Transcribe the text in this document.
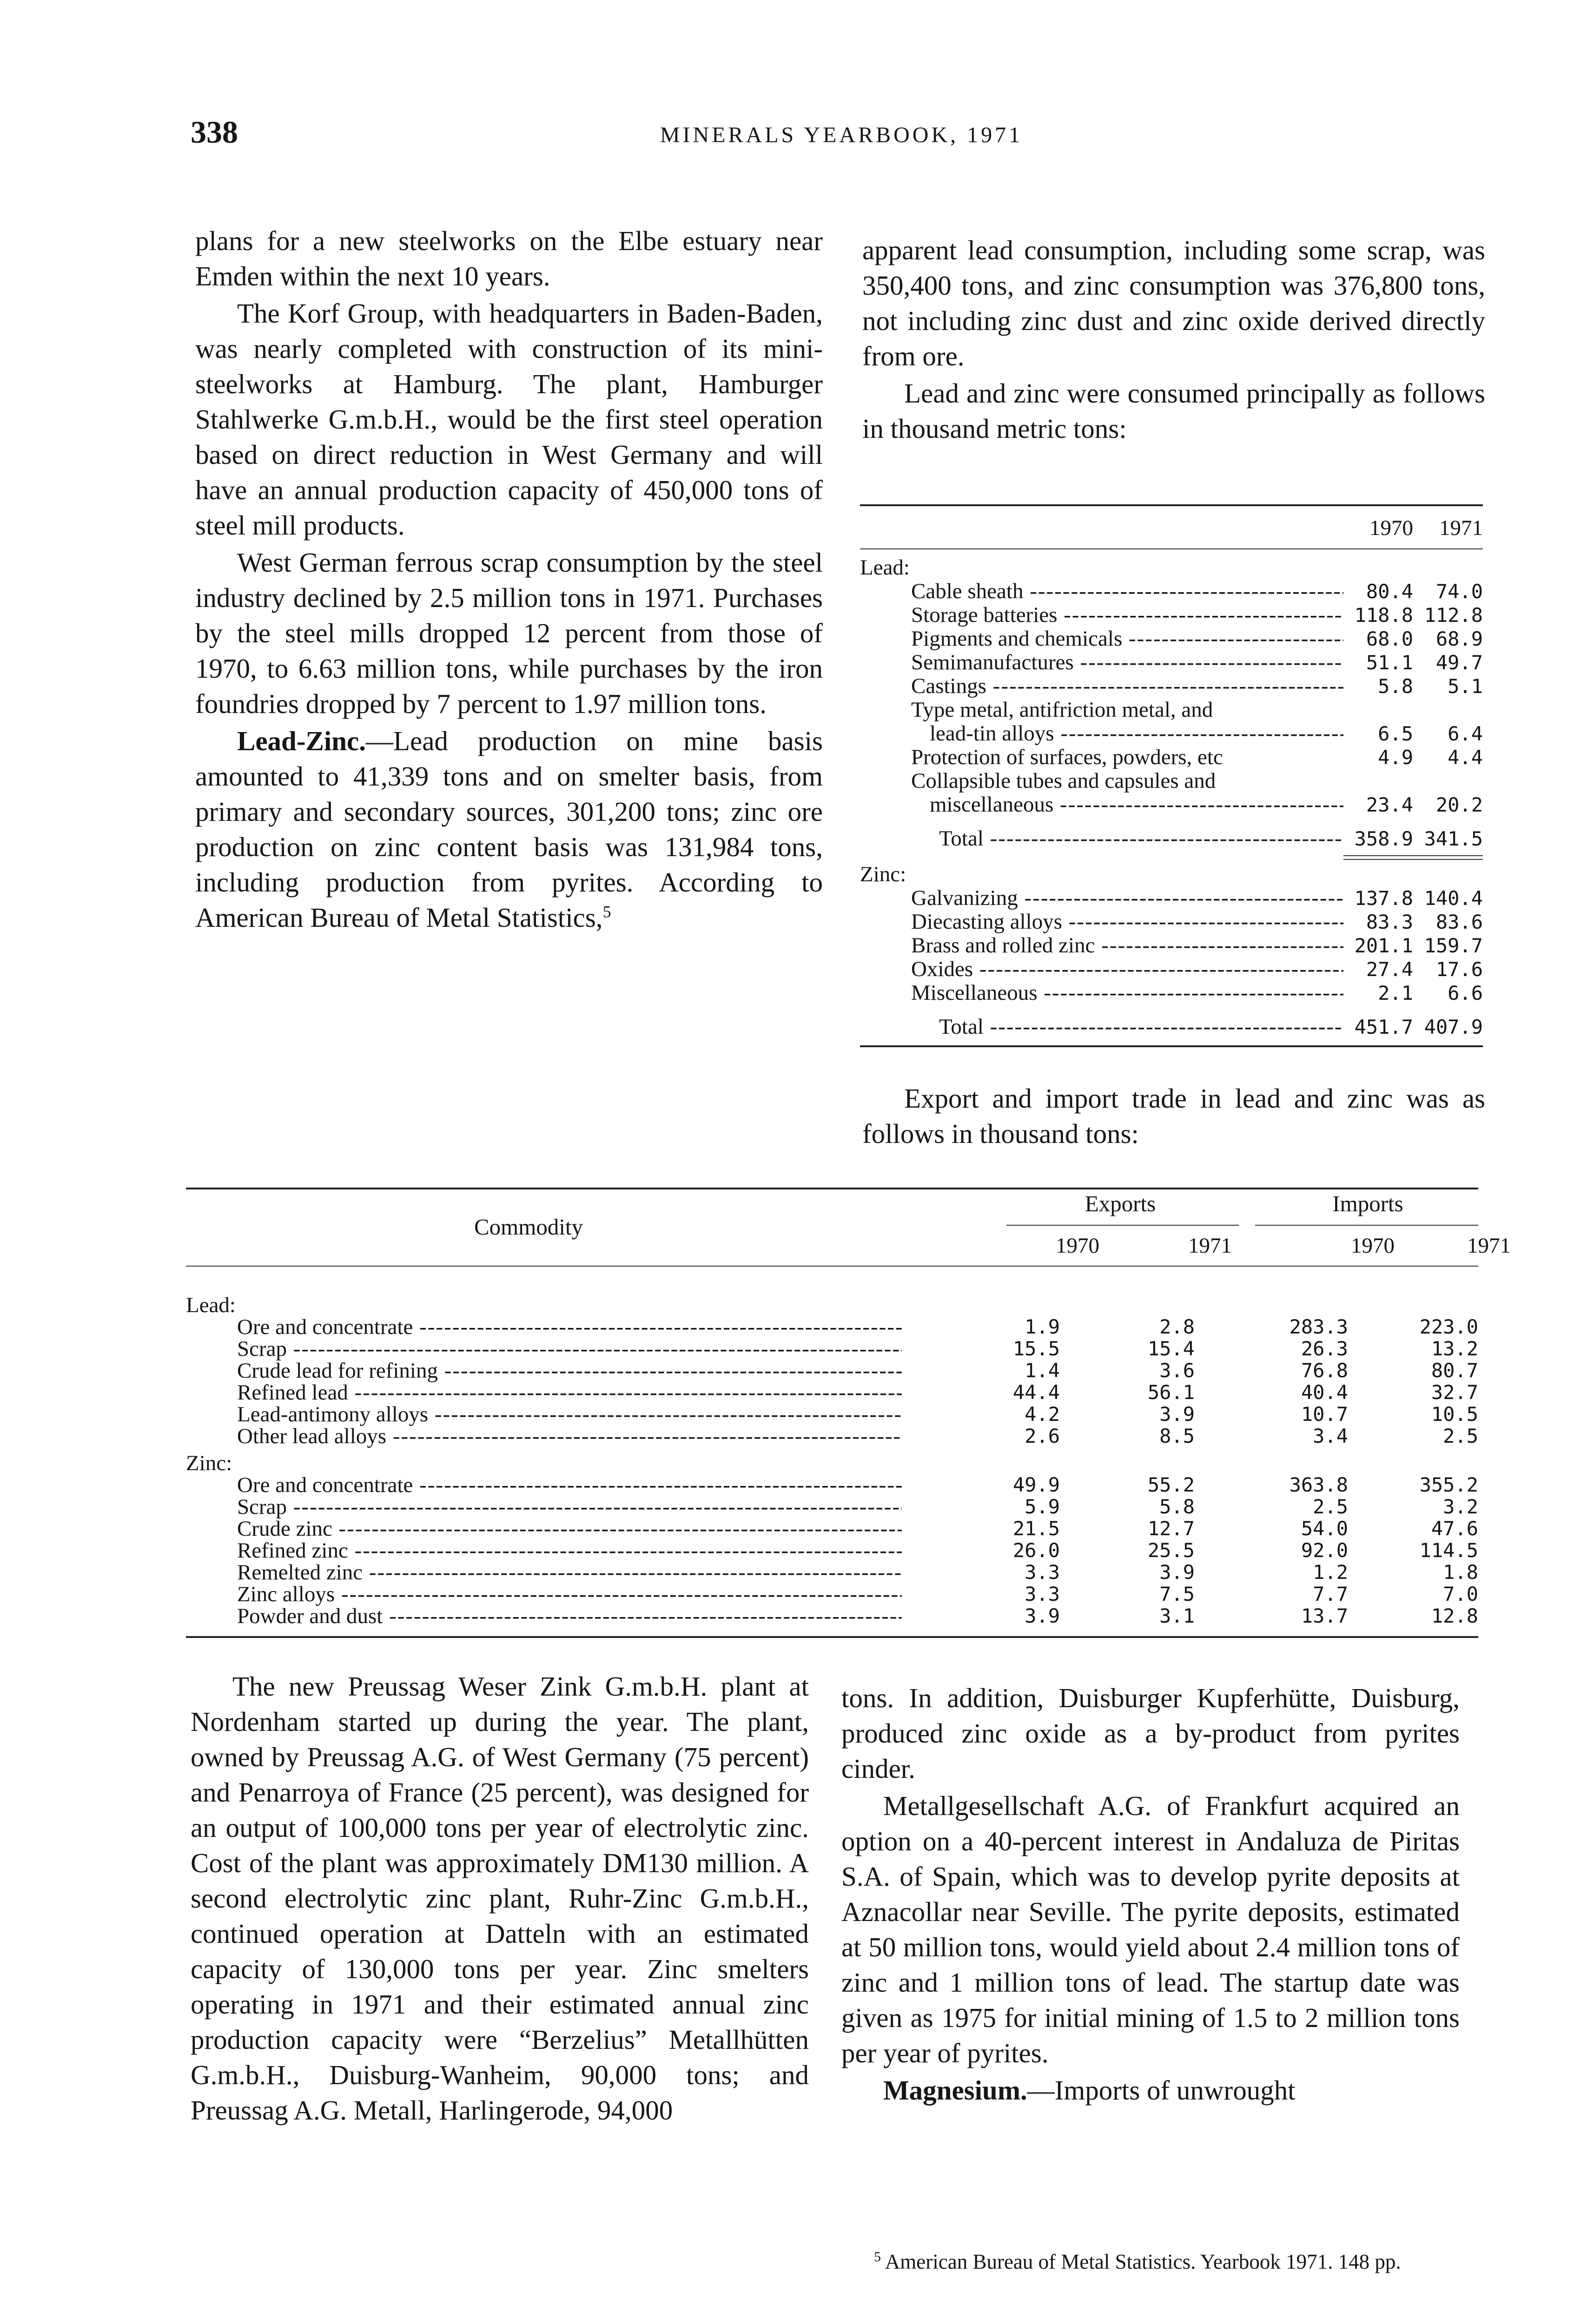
338	MINERALS YEARBOOK, 1971

plans for a new steelworks on the Elbe estuary near Emden within the next 10 years.

The Korf Group, with headquarters in Baden-Baden, was nearly completed with construction of its mini-steelworks at Hamburg. The plant, Hamburger Stahlwerke G.m.b.H., would be the first steel operation based on direct reduction in West Germany and will have an annual production capacity of 450,000 tons of steel mill products.

West German ferrous scrap consumption by the steel industry declined by 2.5 million tons in 1971. Purchases by the steel mills dropped 12 percent from those of 1970, to 6.63 million tons, while purchases by the iron foundries dropped by 7 percent to 1.97 million tons.

Lead-Zinc.—Lead production on mine basis amounted to 41,339 tons and on smelter basis, from primary and secondary sources, 301,200 tons; zinc ore production on zinc content basis was 131,984 tons, including production from pyrites. According to American Bureau of Metal Statistics,$^5$

apparent lead consumption, including some scrap, was 350,400 tons, and zinc consumption was 376,800 tons, not including zinc dust and zinc oxide derived directly from ore.

Lead and zinc were consumed principally as follows in thousand metric tons:

1970	1971
Lead:
Cable sheath -----	80.4	74.0
Storage batteries -----	118.8 112.8
Pigments and chemicals -----	68.0	68.9
Semimanufactures -----	51.1	49.7
Castings -----	5.8	5.1
Type metal, antifriction metal, and
lead-tin alloys -----	6.5	6.4
Protection of surfaces, powders, etc	4.9	4.4
Collapsible tubes and capsules and
miscellaneous -----	23.4	20.2
Total -----	358.9 341.5
Zinc:
Galvanizing -----	137.8 140.4
Diecasting alloys -----	83.3	83.6
Brass and rolled zinc -----	201.1 159.7
Oxides -----	27.4	17.6
Miscellaneous -----	2.1	6.6
Total -----	451.7 407.9

Export and import trade in lead and zinc was as follows in thousand tons:

Commodity
Exports	Imports
1970	1971	1970	1971
Lead:
Ore and concentrate -----	1.9	2.8	283.3	223.0
Scrap -----	15.5	15.4	26.3	13.2
Crude lead for refining -----	1.4	3.6	76.8	80.7
Refined lead -----	44.4	56.1	40.4	32.7
Lead-antimony alloys -----	4.2	3.9	10.7	10.5
Other lead alloys -----	2.6	8.5	3.4	2.5
Zinc:
Ore and concentrate -----	49.9	55.2	363.8	355.2
Scrap -----	5.9	5.8	2.5	3.2
Crude zinc -----	21.5	12.7	54.0	47.6
Refined zinc -----	26.0	25.5	92.0	114.5
Remelted zinc -----	3.3	3.9	1.2	1.8
Zinc alloys -----	3.3	7.5	7.7	7.0
Powder and dust -----	3.9	3.1	13.7	12.8

The new Preussag Weser Zink G.m.b.H. plant at Nordenham started up during the year. The plant, owned by Preussag A.G. of West Germany (75 percent) and Penarroya of France (25 percent), was designed for an output of 100,000 tons per year of electrolytic zinc. Cost of the plant was approximately DM130 million. A second electrolytic zinc plant, Ruhr-Zinc G.m.b.H., continued operation at Datteln with an estimated capacity of 130,000 tons per year. Zinc smelters operating in 1971 and their estimated annual zinc production capacity were “Berzelius” Metallhütten G.m.b.H., Duisburg-Wanheim, 90,000 tons; and Preussag A.G. Metall, Harlingerode, 94,000

tons. In addition, Duisburger Kupferhütte, Duisburg, produced zinc oxide as a by-product from pyrites cinder.

Metallgesellschaft A.G. of Frankfurt acquired an option on a 40-percent interest in Andaluza de Piritas S.A. of Spain, which was to develop pyrite deposits at Aznacollar near Seville. The pyrite deposits, estimated at 50 million tons, would yield about 2.4 million tons of zinc and 1 million tons of lead. The startup date was given as 1975 for initial mining of 1.5 to 2 million tons per year of pyrites.

Magnesium.—Imports of unwrought

$^5$ American Bureau of Metal Statistics. Yearbook 1971. 148 pp.
